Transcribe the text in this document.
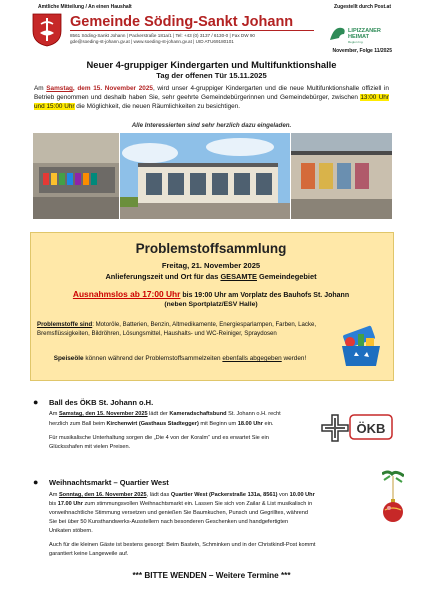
Amtliche Mitteilung / An einen Haushalt	Zugestellt durch Post.at
Gemeinde Söding-Sankt Johann
8561 Söding-Sankt Johann | Packerstraße 181a/1 | Tel: +43 (0) 3137 / 6130-0 | Fax DW 90
gde@soeding-st-johann.gv.at | www.soeding-st-johann.gv.at | UID ATU69180101
LIPIZZANER
HEIMAT
Region Ing.
November, Folge 11/2025
Neuer 4-gruppiger Kindergarten und Multifunktionshalle
Tag der offenen Tür 15.11.2025
Am Samstag, dem 15. November 2025, wird unser 4-gruppiger Kindergarten und die neue Multifunktionshalle offiziell in Betrieb genommen und deshalb haben Sie, sehr geehrte Gemeindebürgerinnen und Gemeindebürger, zwischen 13:00 Uhr und 15:00 Uhr die Möglichkeit, die neuen Räumlichkeiten zu besichtigen.
Alle Interessierten sind sehr herzlich dazu eingeladen.
Problemstoffsammlung
Freitag, 21. November 2025
Anlieferungszeit und Ort für das GESAMTE Gemeindegebiet
Ausnahmslos ab 17:00 Uhr bis 19:00 Uhr am Vorplatz des Bauhofs St. Johann
(neben Sportplatz/ESV Halle)
Problemstoffe sind: Motoröle, Batterien, Benzin, Altmedikamente, Energiesparlampen, Farben, Lacke, Bremsflüssigkeiten, Bildröhren, Lösungsmittel, Haushalts- und WC-Reiniger, Spraydosen
Speiseöle können während der Problemstoffsammelzeiten ebenfalls abgegeben werden!
● Ball des ÖKB St. Johann o.H.
Am Samstag, den 15. November 2025 lädt der Kameradschaftsbund St. Johann o.H. recht
herzlich zum Ball beim Kirchenwirt (Gasthaus Stadtegger) mit Beginn um 18.00 Uhr ein.
Für musikalische Unterhaltung sorgen die „Die 4 von der Koralm“ und es erwartet Sie ein
Glücksshafen mit vielen Preisen.
ÖKB
● Weihnachtsmarkt – Quartier West
Am Sonntag, den 16. November 2025, lädt das Quartier West (Packerstraße 131a, 8561) von 10.00 Uhr
bis 17.00 Uhr zum stimmungsvollen Weihnachtsmarkt ein. Lassen Sie sich von Zailar & List musikalisch in
vorweihnachtliche Stimmung versetzen und genießen Sie Baumkuchen, Punsch und Gegrilltes, während
Sie bei über 50 Kunsthandwerks-Ausstellern nach besonderen Geschenken und handgefertigten
Unikaten stöbern.
Auch für die kleinen Gäste ist bestens gesorgt: Beim Basteln, Schminken und in der Christkindl-Post kommt
garantiert keine Langeweile auf.
*** BITTE WENDEN – Weitere Termine ***
